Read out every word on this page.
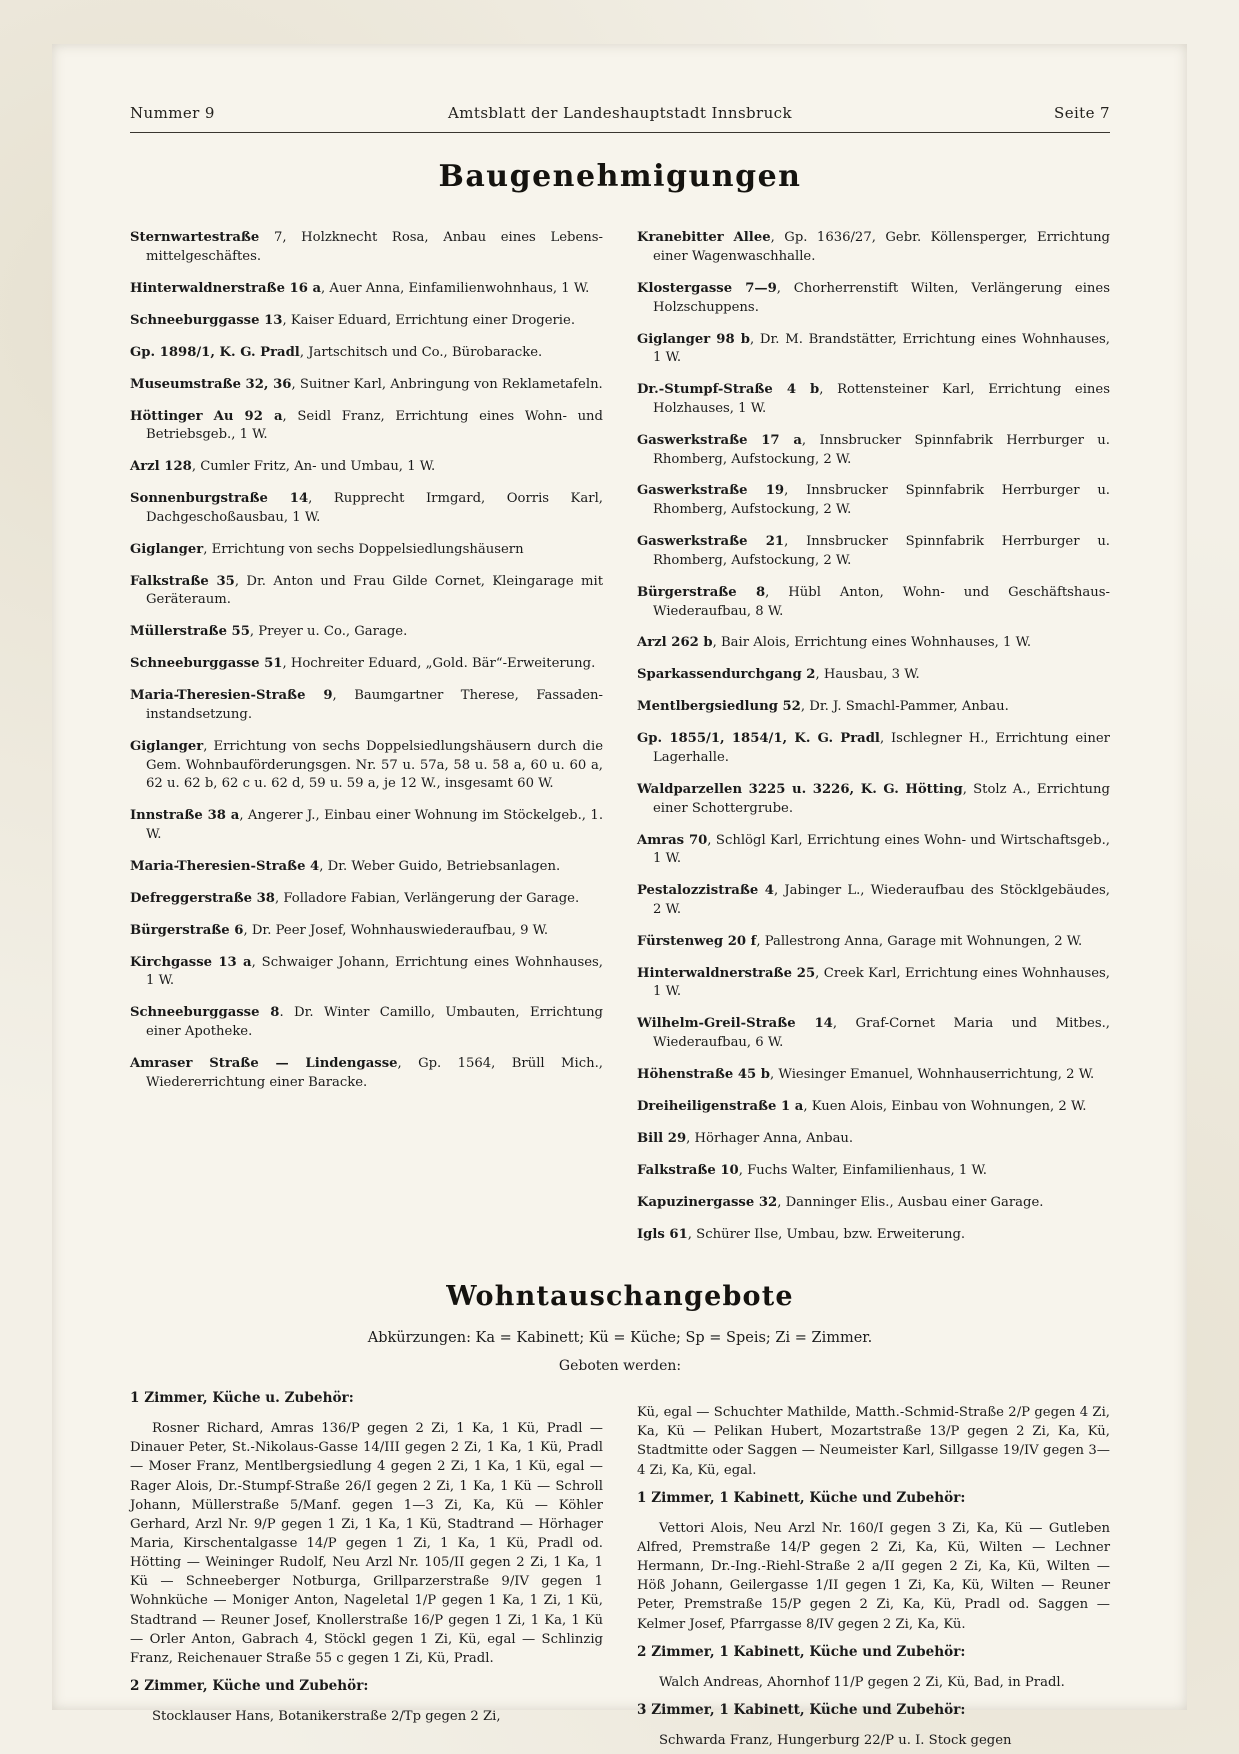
Nummer 9	Amtsblatt der Landeshauptstadt Innsbruck	Seite 7
Baugenehmigungen

Sternwartestraße 7, Holzknecht Rosa, Anbau eines Lebensmittelgeschäftes.

Hinterwaldnerstraße 16 a, Auer Anna, Einfamilienwohnhaus, 1 W.

Schneeburggasse 13, Kaiser Eduard, Errichtung einer Drogerie.

Gp. 1898/1, K. G. Pradl, Jartschitsch und Co., Bürobaracke.

Museumstraße 32, 36, Suitner Karl, Anbringung von Reklametafeln.

Höttinger Au 92 a, Seidl Franz, Errichtung eines Wohn- und Betriebsgeb., 1 W.

Arzl 128, Cumler Fritz, An- und Umbau, 1 W.

Sonnenburgstraße 14, Rupprecht Irmgard, Oorris Karl, Dachgeschoßausbau, 1 W.

Giglanger, Errichtung von sechs Doppelsiedlungshäusern

Falkstraße 35, Dr. Anton und Frau Gilde Cornet, Kleingarage mit Geräteraum.

Müllerstraße 55, Preyer u. Co., Garage.

Schneeburggasse 51, Hochreiter Eduard, „Gold. Bär“-Erweiterung.

Maria-Theresien-Straße 9, Baumgartner Therese, Fassadeninstandsetzung.

Giglanger, Errichtung von sechs Doppelsiedlungshäusern durch die Gem. Wohnbauförderungsgen. Nr. 57 u. 57a, 58 u. 58 a, 60 u. 60 a, 62 u. 62 b, 62 c u. 62 d, 59 u. 59 a, je 12 W., insgesamt 60 W.

Innstraße 38 a, Angerer J., Einbau einer Wohnung im Stöckelgeb., 1. W.

Maria-Theresien-Straße 4, Dr. Weber Guido, Betriebsanlagen.

Defreggerstraße 38, Folladore Fabian, Verlängerung der Garage.

Bürgerstraße 6, Dr. Peer Josef, Wohnhauswiederaufbau, 9 W.

Kirchgasse 13 a, Schwaiger Johann, Errichtung eines Wohnhauses, 1 W.

Schneeburggasse 8. Dr. Winter Camillo, Umbauten, Errichtung einer Apotheke.

Amraser Straße — Lindengasse, Gp. 1564, Brüll Mich., Wiedererrichtung einer Baracke.

Kranebitter Allee, Gp. 1636/27, Gebr. Köllensperger, Errichtung einer Wagenwaschhalle.

Klostergasse 7—9, Chorherrenstift Wilten, Verlängerung eines Holzschuppens.

Giglanger 98 b, Dr. M. Brandstätter, Errichtung eines Wohnhauses, 1 W.

Dr.-Stumpf-Straße 4 b, Rottensteiner Karl, Errichtung eines Holzhauses, 1 W.

Gaswerkstraße 17 a, Innsbrucker Spinnfabrik Herrburger u. Rhomberg, Aufstockung, 2 W.

Gaswerkstraße 19, Innsbrucker Spinnfabrik Herrburger u. Rhomberg, Aufstockung, 2 W.

Gaswerkstraße 21, Innsbrucker Spinnfabrik Herrburger u. Rhomberg, Aufstockung, 2 W.

Bürgerstraße 8, Hübl Anton, Wohn- und GeschäftshausWiederaufbau, 8 W.

Arzl 262 b, Bair Alois, Errichtung eines Wohnhauses, 1 W.

Sparkassendurchgang 2, Hausbau, 3 W.

Mentlbergsiedlung 52, Dr. J. Smachl-Pammer, Anbau.

Gp. 1855/1, 1854/1, K. G. Pradl, Ischlegner H., Errichtung einer Lagerhalle.

Waldparzellen 3225 u. 3226, K. G. Hötting, Stolz A., Errichtung einer Schottergrube.

Amras 70, Schlögl Karl, Errichtung eines Wohn- und Wirtschaftsgeb., 1 W.

Pestalozzistraße 4, Jabinger L., Wiederaufbau des Stöcklgebäudes, 2 W.

Fürstenweg 20 f, Pallestrong Anna, Garage mit Wohnungen, 2 W.

Hinterwaldnerstraße 25, Creek Karl, Errichtung eines Wohnhauses, 1 W.

Wilhelm-Greil-Straße 14, Graf-Cornet Maria und Mitbes., Wiederaufbau, 6 W.

Höhenstraße 45 b, Wiesinger Emanuel, Wohnhauserrichtung, 2 W.

Dreiheiligenstraße 1 a, Kuen Alois, Einbau von Wohnungen, 2 W.

Bill 29, Hörhager Anna, Anbau.

Falkstraße 10, Fuchs Walter, Einfamilienhaus, 1 W.

Kapuzinergasse 32, Danninger Elis., Ausbau einer Garage.

Igls 61, Schürer Ilse, Umbau, bzw. Erweiterung.

Wohntauschangebote
Abkürzungen: Ka = Kabinett; Kü = Küche; Sp = Speis; Zi = Zimmer.
Geboten werden:

1 Zimmer, Küche u. Zubehör:

Rosner Richard, Amras 136/P gegen 2 Zi, 1 Ka, 1 Kü, Pradl — Dinauer Peter, St.-Nikolaus-Gasse 14/III gegen 2 Zi, 1 Ka, 1 Kü, Pradl — Moser Franz, Mentlbergsiedlung 4 gegen 2 Zi, 1 Ka, 1 Kü, egal — Rager Alois, Dr.-Stumpf-Straße 26/I gegen 2 Zi, 1 Ka, 1 Kü — Schroll Johann, Müllerstraße 5/Manf. gegen 1—3 Zi, Ka, Kü — Köhler Gerhard, Arzl Nr. 9/P gegen 1 Zi, 1 Ka, 1 Kü, Stadtrand — Hörhager Maria, Kirschentalgasse 14/P gegen 1 Zi, 1 Ka, 1 Kü, Pradl od. Hötting — Weininger Rudolf, Neu Arzl Nr. 105/II gegen 2 Zi, 1 Ka, 1 Kü — Schneeberger Notburga, Grillparzerstraße 9/IV gegen 1 Wohnküche — Moniger Anton, Nageletal 1/P gegen 1 Ka, 1 Zi, 1 Kü, Stadtrand — Reuner Josef, Knollerstraße 16/P gegen 1 Zi, 1 Ka, 1 Kü — Orler Anton, Gabrach 4, Stöckl gegen 1 Zi, Kü, egal — Schlinzig Franz, Reichenauer Straße 55 c gegen 1 Zi, Kü, Pradl.

2 Zimmer, Küche und Zubehör:

Stocklauser Hans, Botanikerstraße 2/Tp gegen 2 Zi,

Kü, egal — Schuchter Mathilde, Matth.-Schmid-Straße 2/P gegen 4 Zi, Ka, Kü — Pelikan Hubert, Mozartstraße 13/P gegen 2 Zi, Ka, Kü, Stadtmitte oder Saggen — Neumeister Karl, Sillgasse 19/IV gegen 3—4 Zi, Ka, Kü, egal.

1 Zimmer, 1 Kabinett, Küche und Zubehör:

Vettori Alois, Neu Arzl Nr. 160/I gegen 3 Zi, Ka, Kü — Gutleben Alfred, Premstraße 14/P gegen 2 Zi, Ka, Kü, Wilten — Lechner Hermann, Dr.-Ing.-Riehl-Straße 2 a/II gegen 2 Zi, Ka, Kü, Wilten — Höß Johann, Geilergasse 1/II gegen 1 Zi, Ka, Kü, Wilten — Reuner Peter, Premstraße 15/P gegen 2 Zi, Ka, Kü, Pradl od. Saggen — Kelmer Josef, Pfarrgasse 8/IV gegen 2 Zi, Ka, Kü.

2 Zimmer, 1 Kabinett, Küche und Zubehör:

Walch Andreas, Ahornhof 11/P gegen 2 Zi, Kü, Bad, in Pradl.

3 Zimmer, 1 Kabinett, Küche und Zubehör:

Schwarda Franz, Hungerburg 22/P u. I. Stock gegen
